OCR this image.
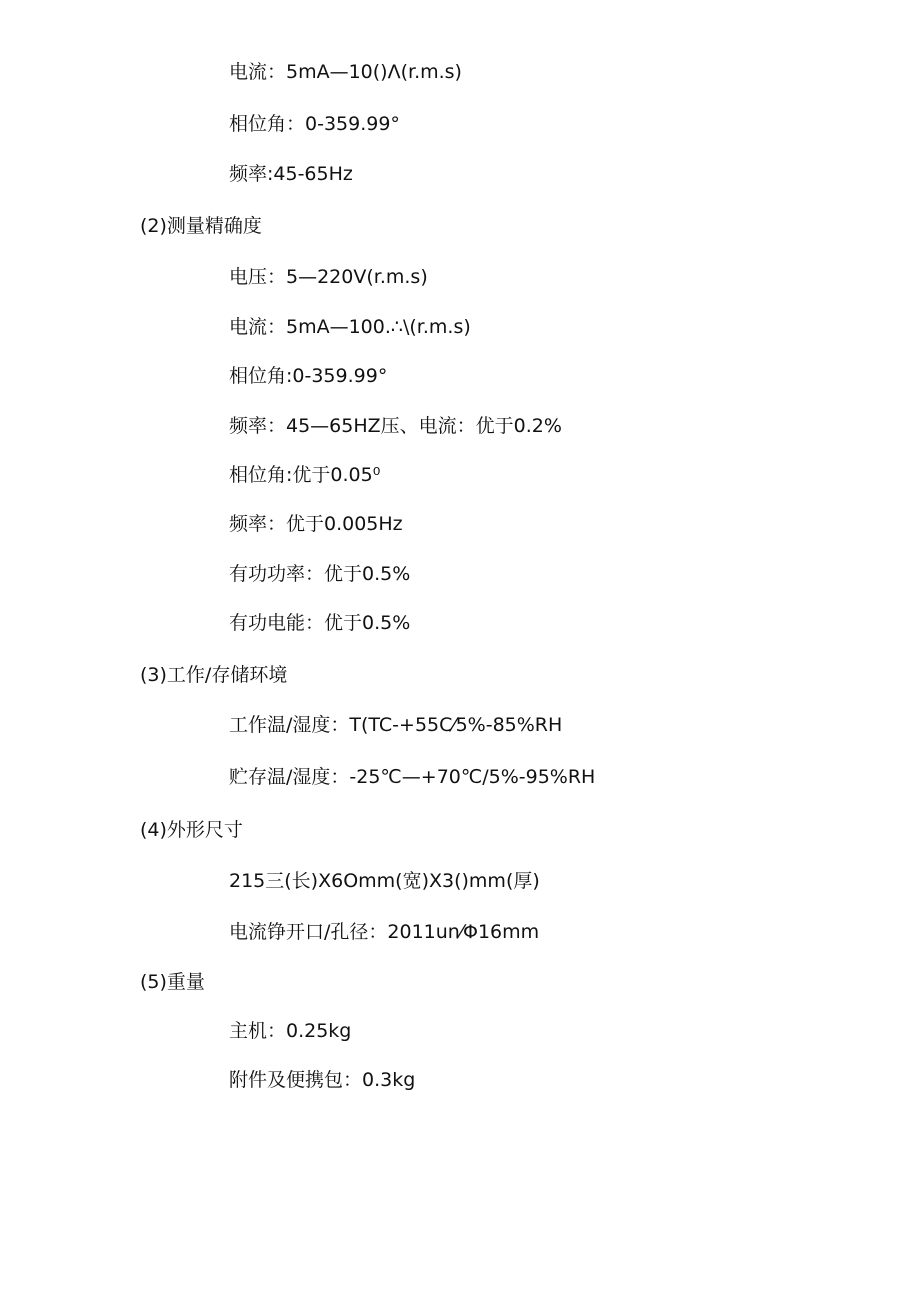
电流：5mA—10()Λ(r.m.s)
相位角：0-359.99°
频率:45-65Hz
(2)测量精确度
电压：5—220V(r.m.s)
电流：5mA—100.∴\(r.m.s)
相位角:0-359.99°
频率：45—65HZ压、电流：优于0.2%
相位角:优于0.05⁰
频率：优于0.005Hz
有功功率：优于0.5%
有功电能：优于0.5%
(3)工作/存储环境
工作温/湿度：T(TC-+55C⁄5%-85%RH
贮存温/湿度：-25℃—+70℃/5%-95%RH
(4)外形尺寸
215三(长)X6Omm(宽)X3()mm(厚)
电流铮开口/孔径：2011un⁄Φ16mm
(5)重量
主机：0.25kg
附件及便携包：0.3kg
